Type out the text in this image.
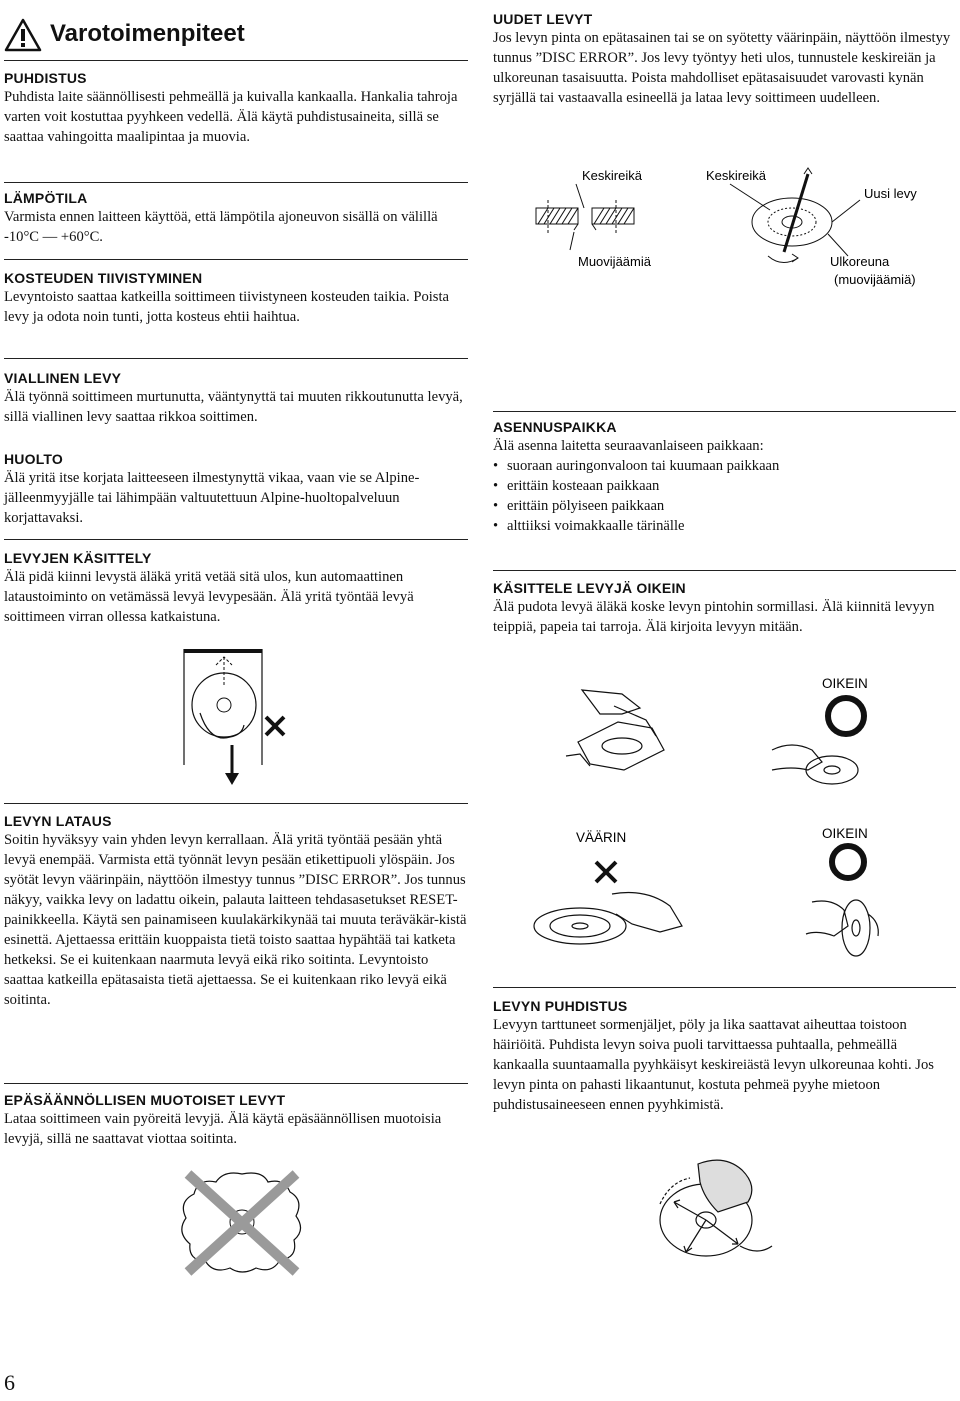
Varotoimenpiteet
PUHDISTUS
Puhdista laite säännöllisesti pehmeällä ja kuivalla kankaalla. Hankalia tahroja varten voit kostuttaa pyyhkeen vedellä. Älä käytä puhdistusaineita, sillä se saattaa vahingoitta maalipintaa ja muovia.
LÄMPÖTILA
Varmista ennen laitteen käyttöä, että lämpötila ajoneuvon sisällä on välillä -10°C — +60°C.
KOSTEUDEN TIIVISTYMINEN
Levyntoisto saattaa katkeilla soittimeen tiivistyneen kosteuden taikia. Poista levy ja odota noin tunti, jotta kosteus ehtii haihtua.
VIALLINEN LEVY
Älä työnnä soittimeen murtunutta, vääntynyttä tai muuten rikkoutunutta levyä, sillä viallinen levy saattaa rikkoa soittimen.
HUOLTO
Älä yritä itse korjata laitteeseen ilmestynyttä vikaa, vaan vie se Alpine-jälleenmyyjälle tai lähimpään valtuutettuun Alpine-huoltopalveluun korjattavaksi.
LEVYJEN KÄSITTELY
Älä pidä kiinni levystä äläkä yritä vetää sitä ulos, kun automaattinen lataustoiminto on vetämässä levyä levypesään. Älä yritä työntää levyä soittimeen virran ollessa katkaistuna.
LEVYN LATAUS
Soitin hyväksyy vain yhden levyn kerrallaan. Älä yritä työntää pesään yhtä levyä enempää. Varmista että työnnät levyn pesään etikettipuoli ylöspäin. Jos syötät levyn väärinpäin, näyttöön ilmestyy tunnus ”DISC ERROR”. Jos tunnus näkyy, vaikka levy on ladattu oikein, palauta laitteen tehdasasetukset RESET-painikkeella. Käytä sen painamiseen kuulakärkikynää tai muuta teräväkär-kistä esinettä. Ajettaessa erittäin kuoppaista tietä toisto saattaa hypähtää tai katketa hetkeksi. Se ei kuitenkaan naarmuta levyä eikä riko soitinta. Levyntoisto saattaa katkeilla epätasaista tietä ajettaessa. Se ei kuitenkaan riko levyä eikä soitinta.
EPÄSÄÄNNÖLLISEN MUOTOISET LEVYT
Lataa soittimeen vain pyöreitä levyjä. Älä käytä epäsäännöllisen muotoisia levyjä, sillä ne saattavat viottaa soitinta.
6
UUDET LEVYT
Jos levyn pinta on epätasainen tai se on syötetty väärinpäin, näyttöön ilmestyy tunnus ”DISC ERROR”. Jos levy työntyy heti ulos, tunnustele keskireiän ja ulkoreunan tasaisuutta. Poista mahdolliset epätasaisuudet varovasti kynän syrjällä tai vastaavalla esineellä ja lataa levy soittimeen uudelleen.
Keskireikä	Keskireikä
Uusi levy
Muovijäämiä	Ulkoreuna
(muovijäämiä)
ASENNUSPAIKKA
Älä asenna laitetta seuraavanlaiseen paikkaan:
• suoraan auringonvaloon tai kuumaan paikkaan
• erittäin kosteaan paikkaan
• erittäin pölyiseen paikkaan
• alttiiksi voimakkaalle tärinälle
KÄSITTELE LEVYJÄ OIKEIN
Älä pudota levyä äläkä koske levyn pintohin sormillasi. Älä kiinnitä levyyn teippiä, papeia tai tarroja. Älä kirjoita levyyn mitään.
OIKEIN
VÄÄRIN	OIKEIN
LEVYN PUHDISTUS
Levyyn tarttuneet sormenjäljet, pöly ja lika saattavat aiheuttaa toistoon häiriöitä. Puhdista levyn soiva puoli tarvittaessa puhtaalla, pehmeällä kankaalla suuntaamalla pyyhkäisyt keskireiästä levyn ulkoreunaa kohti. Jos levyn pinta on pahasti likaantunut, kostuta pehmeä pyyhe mietoon puhdistusaineeseen ennen pyyhkimistä.
